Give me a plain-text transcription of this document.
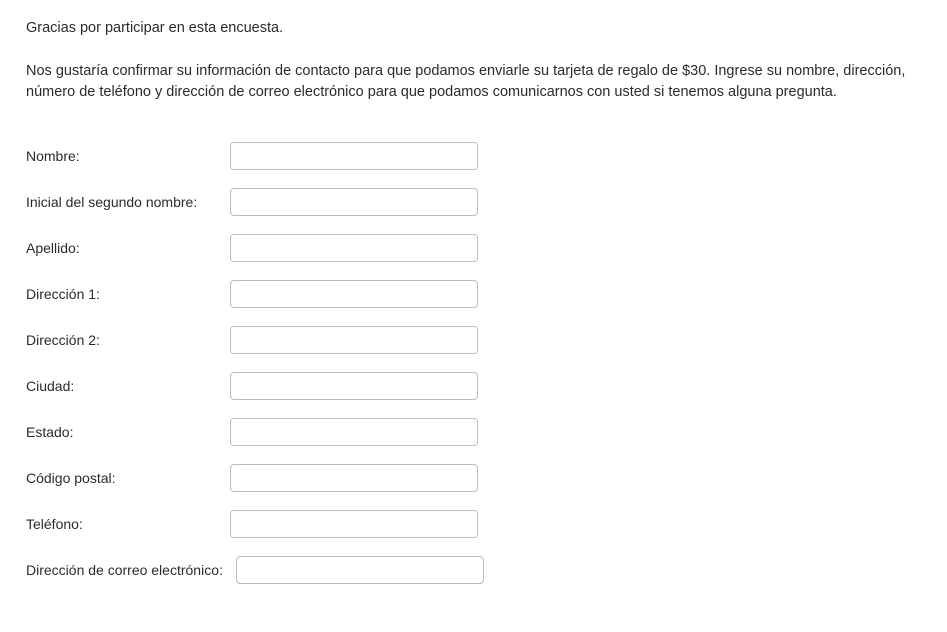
Gracias por participar en esta encuesta.

Nos gustaría confirmar su información de contacto para que podamos enviarle su tarjeta de regalo de $30. Ingrese su nombre, dirección, número de teléfono y dirección de correo electrónico para que podamos comunicarnos con usted si tenemos alguna pregunta.

Nombre:
Inicial del segundo nombre:
Apellido:
Dirección 1:
Dirección 2:
Ciudad:
Estado:
Código postal:
Teléfono:
Dirección de correo electrónico:
